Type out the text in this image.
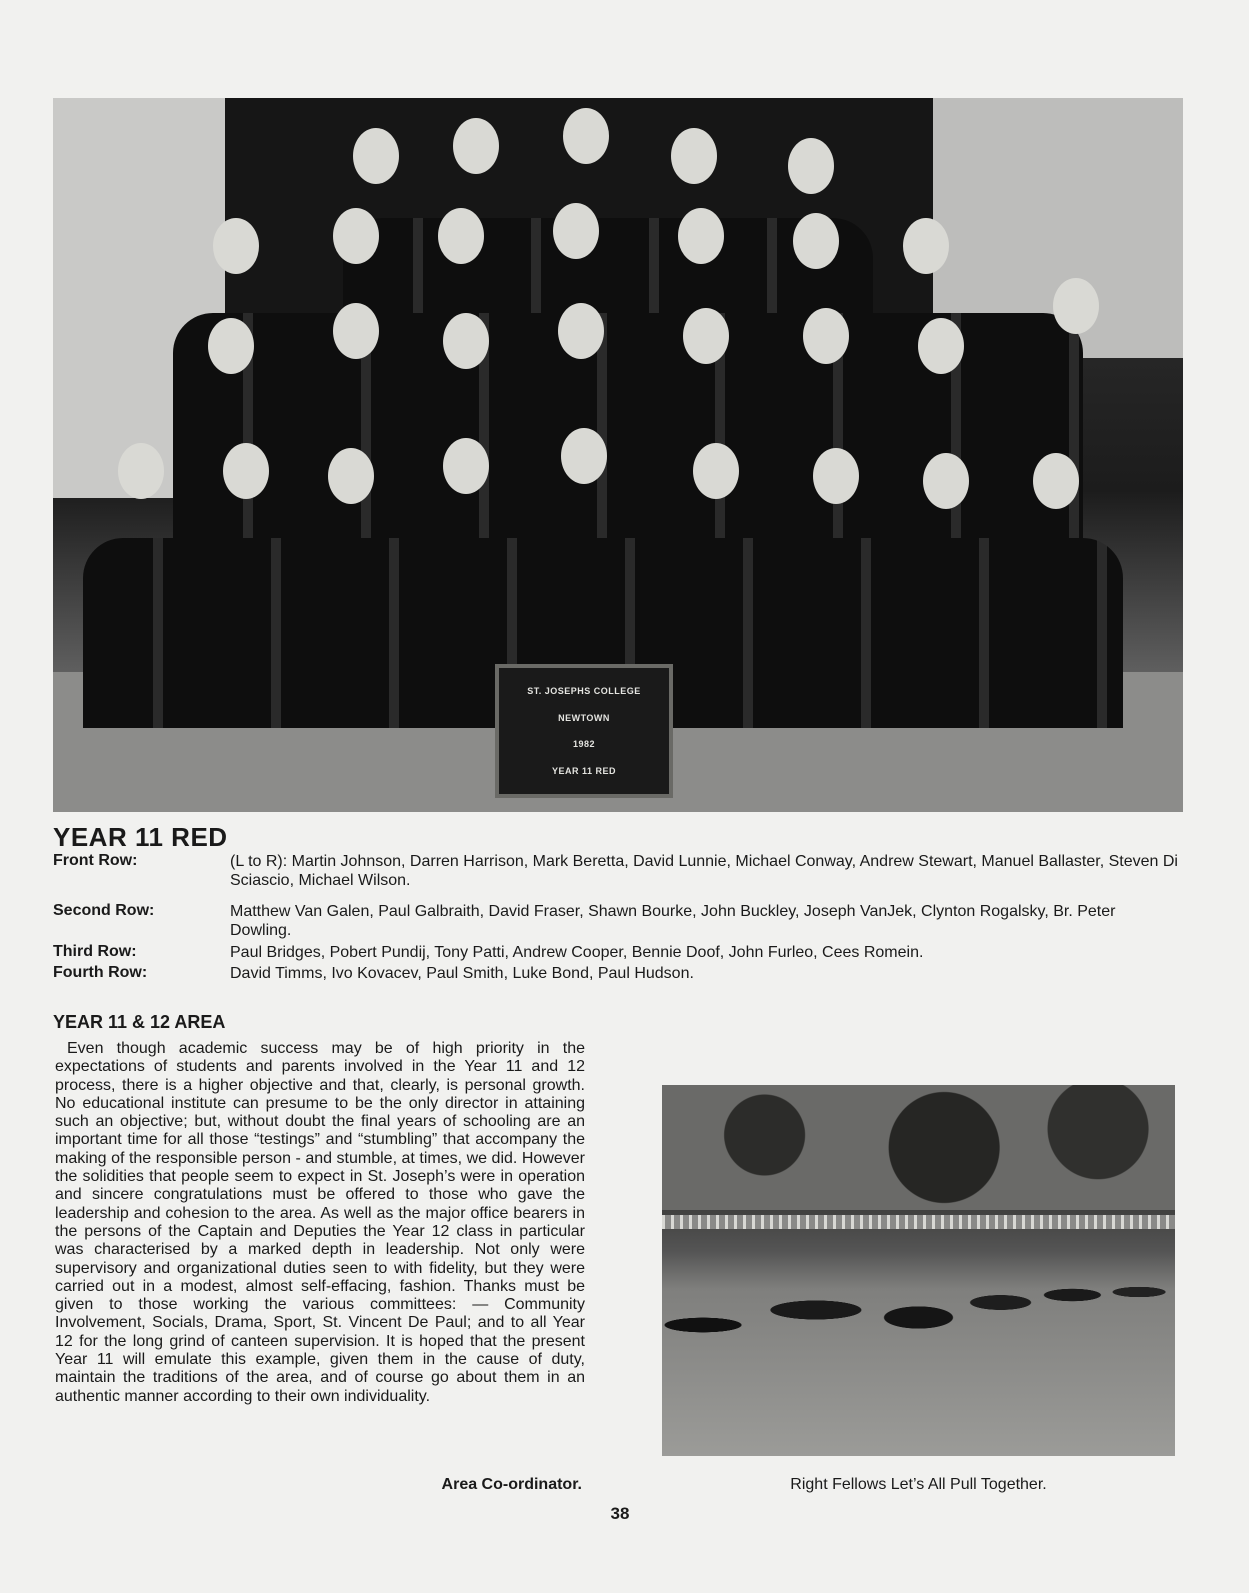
ST. JOSEPHS COLLEGE
NEWTOWN
1982
YEAR 11 RED
YEAR 11 RED
Front Row:	(L to R): Martin Johnson, Darren Harrison, Mark Beretta, David Lunnie, Michael Conway, Andrew Stewart, Manuel Ballaster, Steven Di Sciascio, Michael Wilson.
Second Row:	Matthew Van Galen, Paul Galbraith, David Fraser, Shawn Bourke, John Buckley, Joseph VanJek, Clynton Rogalsky, Br. Peter Dowling.
Third Row:	Paul Bridges, Pobert Pundij, Tony Patti, Andrew Cooper, Bennie Doof, John Furleo, Cees Romein.
Fourth Row:	David Timms, Ivo Kovacev, Paul Smith, Luke Bond, Paul Hudson.
YEAR 11 & 12 AREA

Even though academic success may be of high priority in the expectations of students and parents involved in the Year 11 and 12 process, there is a higher objective and that, clearly, is personal growth. No educational institute can presume to be the only director in attaining such an objective; but, without doubt the final years of schooling are an important time for all those “testings” and “stumbling” that accompany the making of the responsible person - and stumble, at times, we did. However the solidities that people seem to expect in St. Joseph’s were in operation and sincere congratulations must be offered to those who gave the leadership and cohesion to the area. As well as the major office bearers in the persons of the Captain and Deputies the Year 12 class in particular was characterised by a marked depth in leadership. Not only were supervisory and organizational duties seen to with fidelity, but they were carried out in a modest, almost self-effacing, fashion. Thanks must be given to those working the various committees: — Community Involvement, Socials, Drama, Sport, St. Vincent De Paul; and to all Year 12 for the long grind of canteen supervision. It is hoped that the present Year 11 will emulate this example, given them in the cause of duty, maintain the traditions of the area, and of course go about them in an authentic manner according to their own individuality.

Area Co-ordinator.	Right Fellows Let’s All Pull Together.
38
